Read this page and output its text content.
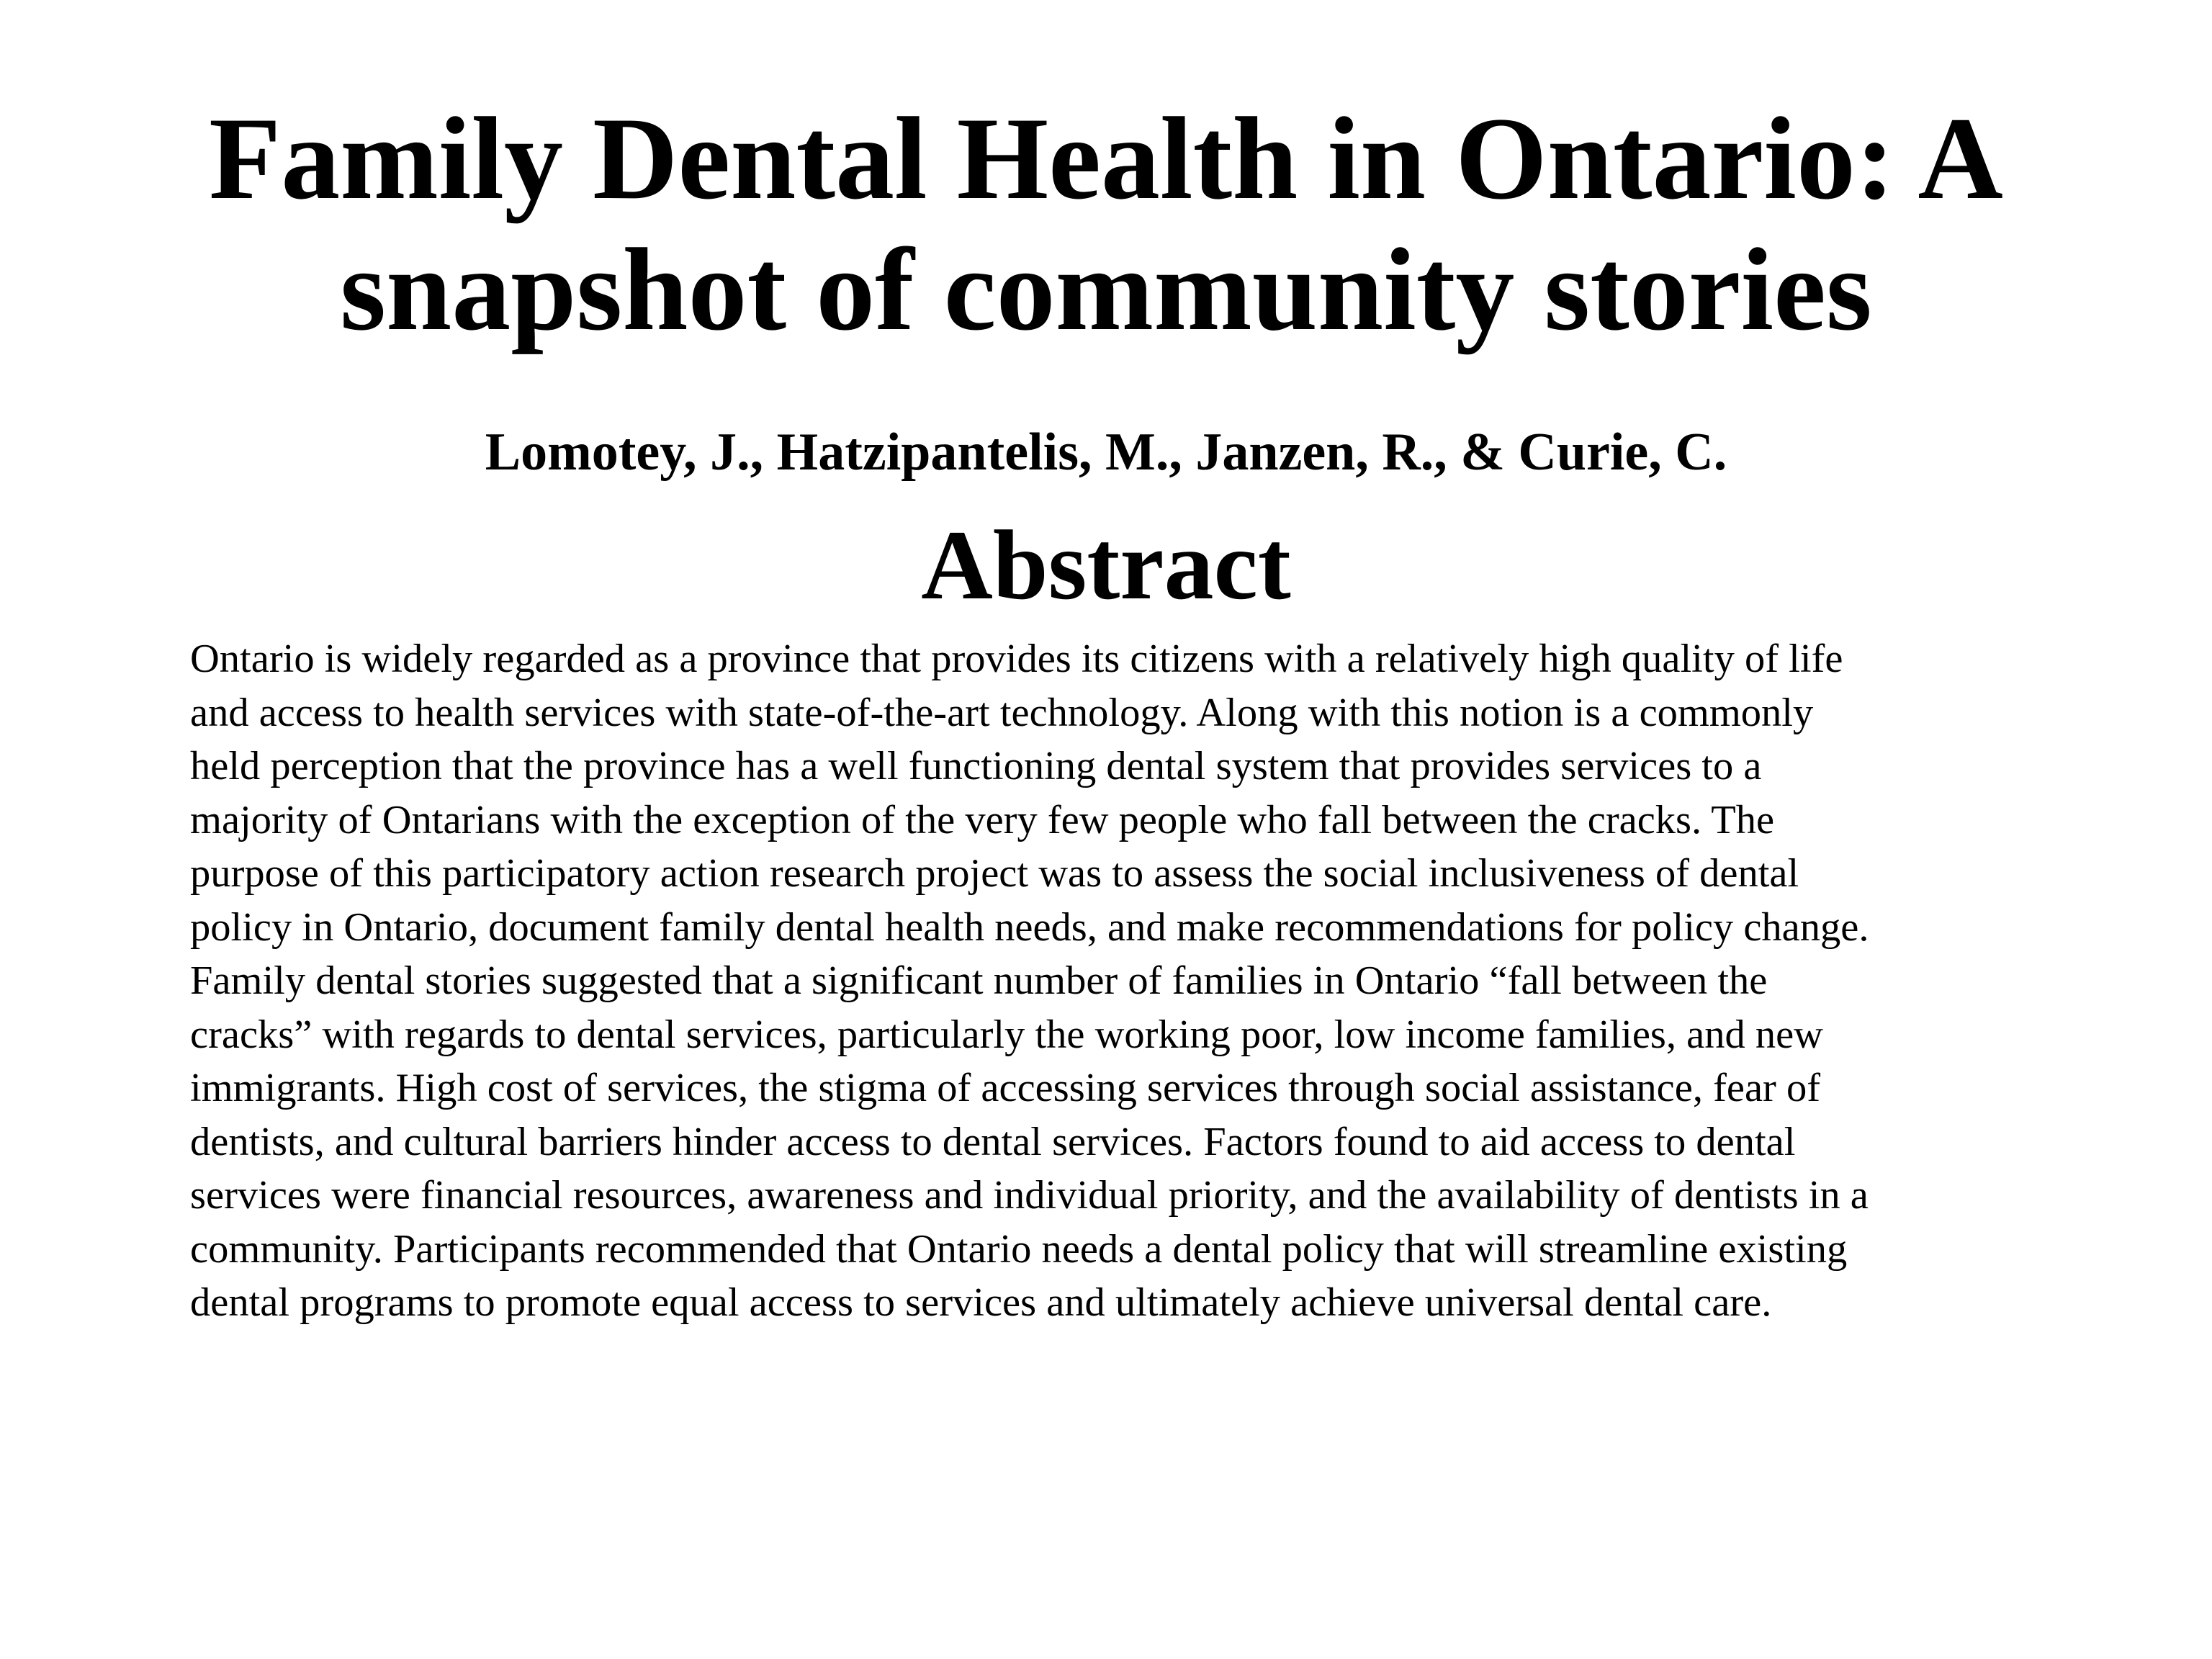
Family Dental Health in Ontario: A
snapshot of community stories

Lomotey, J., Hatzipantelis, M., Janzen, R., & Curie, C.

Abstract
Ontario is widely regarded as a province that provides its citizens with a relatively high quality of life
and access to health services with state-of-the-art technology. Along with this notion is a commonly
held perception that the province has a well functioning dental system that provides services to a
majority of Ontarians with the exception of the very few people who fall between the cracks. The
purpose of this participatory action research project was to assess the social inclusiveness of dental
policy in Ontario, document family dental health needs, and make recommendations for policy change.
Family dental stories suggested that a significant number of families in Ontario “fall between the
cracks” with regards to dental services, particularly the working poor, low income families, and new
immigrants. High cost of services, the stigma of accessing services through social assistance, fear of
dentists, and cultural barriers hinder access to dental services. Factors found to aid access to dental
services were financial resources, awareness and individual priority, and the availability of dentists in a
community. Participants recommended that Ontario needs a dental policy that will streamline existing
dental programs to promote equal access to services and ultimately achieve universal dental care.
